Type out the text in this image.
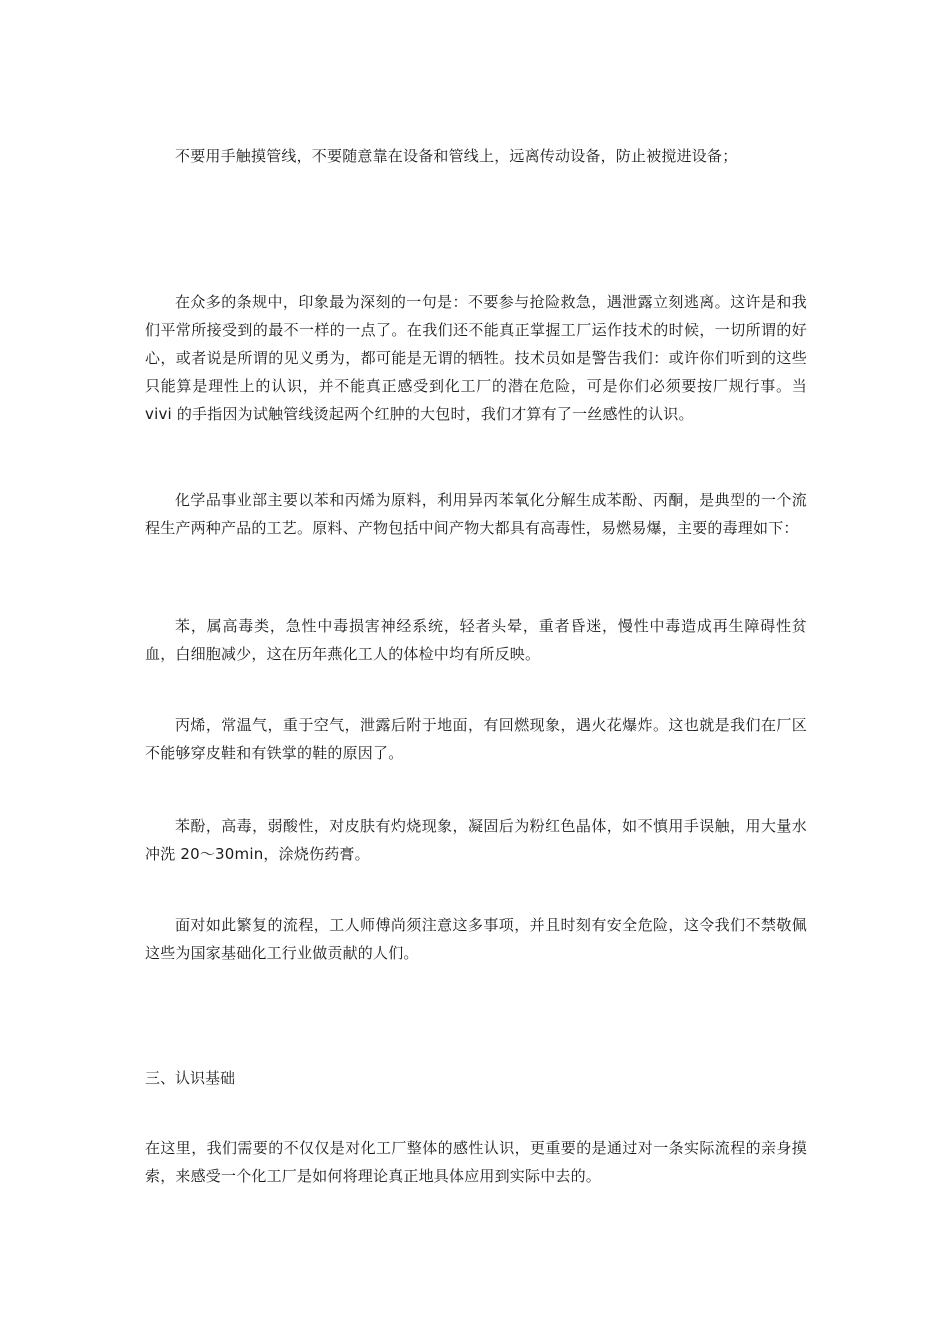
不要用手触摸管线，不要随意靠在设备和管线上，远离传动设备，防止被搅进设备；

在众多的条规中，印象最为深刻的一句是：不要参与抢险救急，遇泄露立刻逃离。这许是和我们平常所接受到的最不一样的一点了。在我们还不能真正掌握工厂运作技术的时候，一切所谓的好心，或者说是所谓的见义勇为，都可能是无谓的牺牲。技术员如是警告我们：或许你们听到的这些只能算是理性上的认识，并不能真正感受到化工厂的潜在危险，可是你们必须要按厂规行事。当 vivi 的手指因为试触管线烫起两个红肿的大包时，我们才算有了一丝感性的认识。

化学品事业部主要以苯和丙烯为原料，利用异丙苯氧化分解生成苯酚、丙酮，是典型的一个流程生产两种产品的工艺。原料、产物包括中间产物大都具有高毒性，易燃易爆，主要的毒理如下：

苯，属高毒类，急性中毒损害神经系统，轻者头晕，重者昏迷，慢性中毒造成再生障碍性贫血，白细胞减少，这在历年燕化工人的体检中均有所反映。

丙烯，常温气，重于空气，泄露后附于地面，有回燃现象，遇火花爆炸。这也就是我们在厂区不能够穿皮鞋和有铁掌的鞋的原因了。

苯酚，高毒，弱酸性，对皮肤有灼烧现象，凝固后为粉红色晶体，如不慎用手误触，用大量水冲洗 20～30min，涂烧伤药膏。

面对如此繁复的流程，工人师傅尚须注意这多事项，并且时刻有安全危险，这令我们不禁敬佩这些为国家基础化工行业做贡献的人们。

三、认识基础

在这里，我们需要的不仅仅是对化工厂整体的感性认识，更重要的是通过对一条实际流程的亲身摸索，来感受一个化工厂是如何将理论真正地具体应用到实际中去的。
